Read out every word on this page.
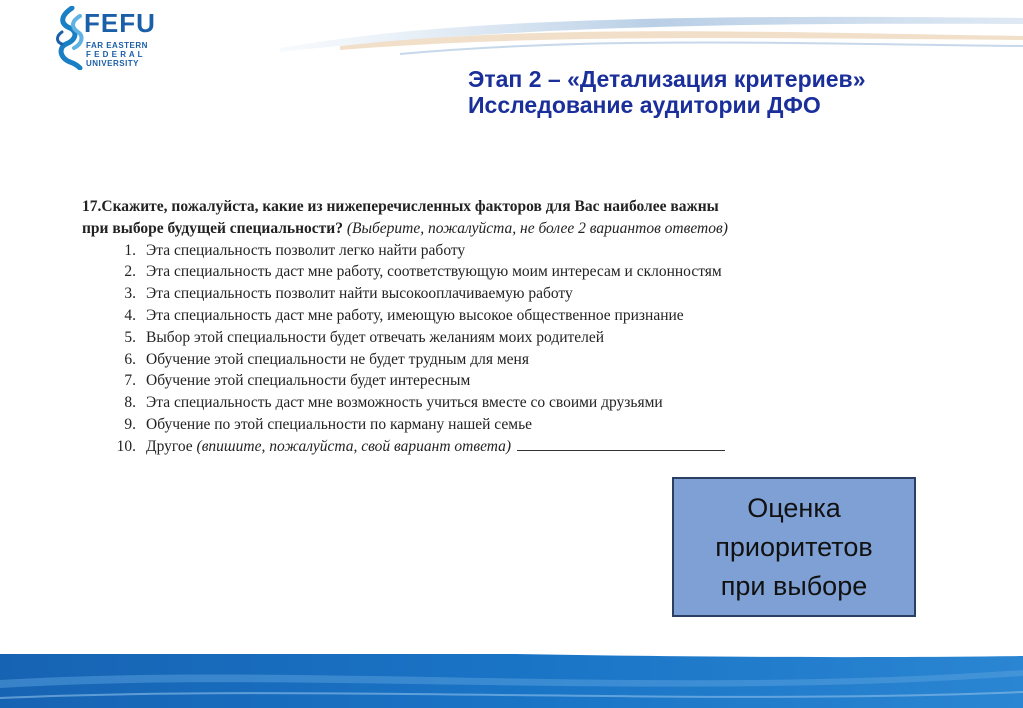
FEFU
FAR EASTERN
F E D E R A L
UNIVERSITY
Этап 2 – «Детализация критериев»
Исследование аудитории ДФО
17.Скажите, пожалуйста, какие из нижеперечисленных факторов для Вас наиболее важны
при выборе будущей специальности? (Выберите, пожалуйста, не более 2 вариантов ответов)
1. Эта специальность позволит легко найти работу
2. Эта специальность даст мне работу, соответствующую моим интересам и склонностям
3. Эта специальность позволит найти высокооплачиваемую работу
4. Эта специальность даст мне работу, имеющую высокое общественное признание
5. Выбор этой специальности будет отвечать желаниям моих родителей
6. Обучение этой специальности не будет трудным для меня
7. Обучение этой специальности будет интересным
8. Эта специальность даст мне возможность учиться вместе со своими друзьями
9. Обучение по этой специальности по карману нашей семье
10. Другое
(впишите, пожалуйста, свой вариант ответа)
Оценка
приоритетов
при выборе
